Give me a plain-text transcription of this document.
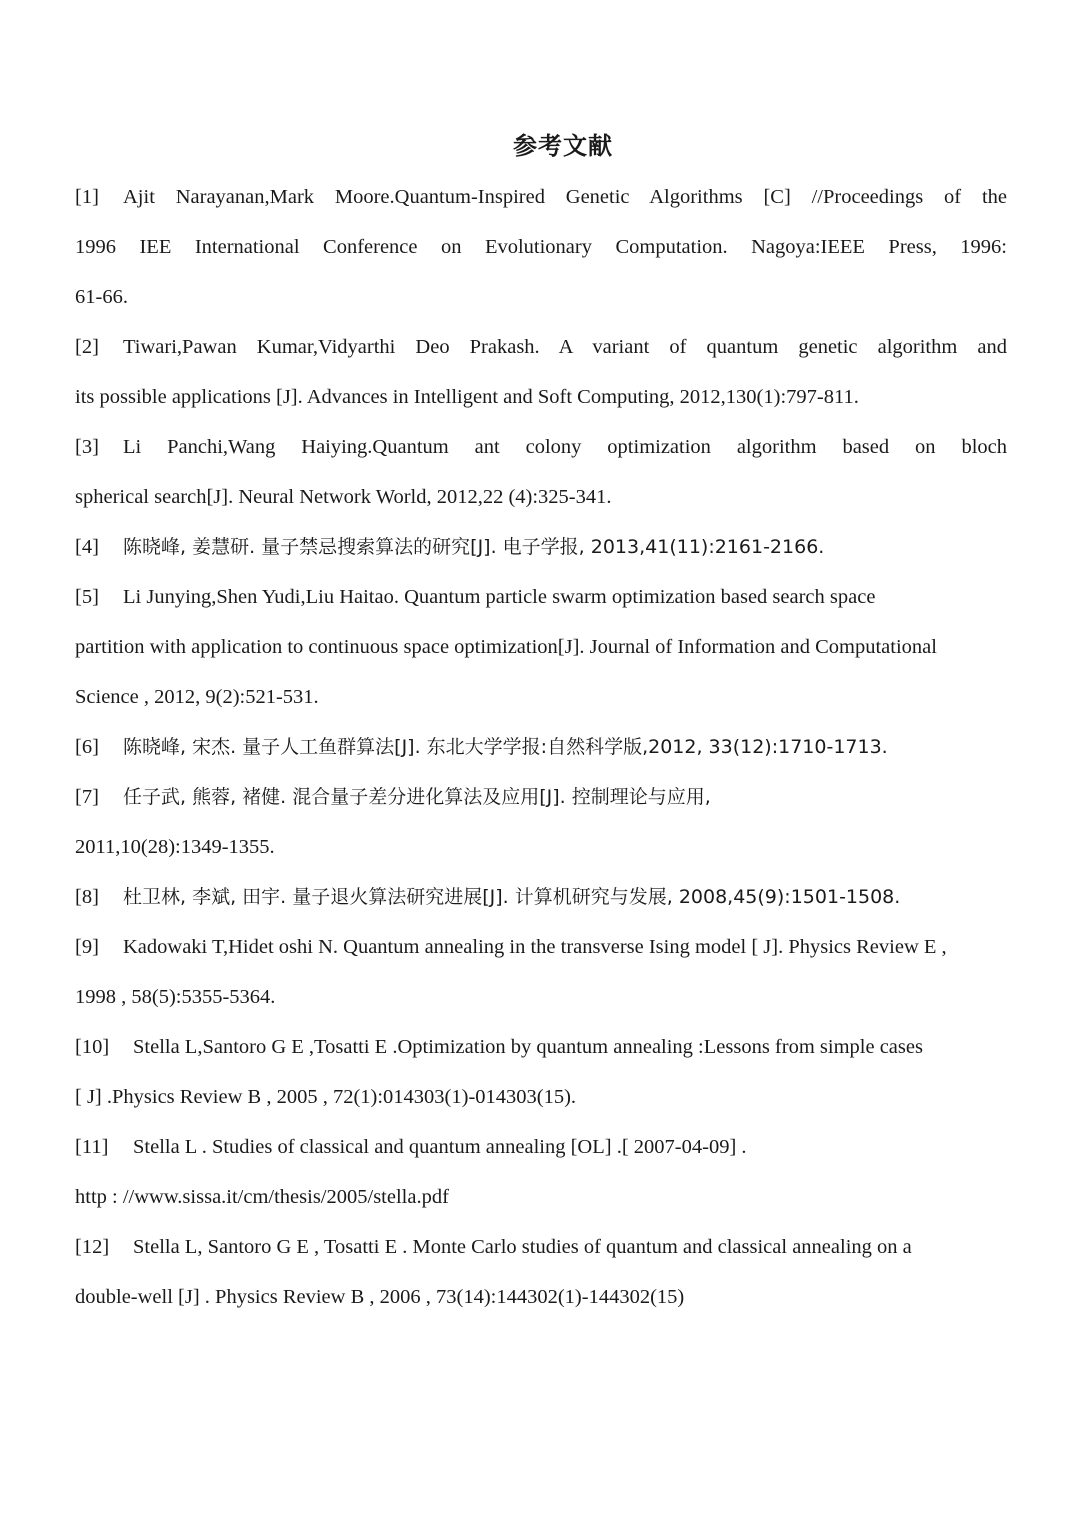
参考文献
[1] Ajit Narayanan,Mark Moore.Quantum-Inspired Genetic Algorithms [C] //Proceedings of the
1996 IEE International Conference on Evolutionary Computation. Nagoya:IEEE Press, 1996:
61-66.
[2] Tiwari,Pawan Kumar,Vidyarthi Deo Prakash. A variant of quantum genetic algorithm and
its possible applications [J]. Advances in Intelligent and Soft Computing, 2012,130(1):797-811.
[3] Li Panchi,Wang Haiying.Quantum ant colony optimization algorithm based on bloch
spherical search[J]. Neural Network World, 2012,22 (4):325-341.
[4] 陈晓峰, 姜慧研. 量子禁忌搜索算法的研究[J]. 电子学报, 2013,41(11):2161-2166.
[5] Li Junying,Shen Yudi,Liu Haitao. Quantum particle swarm optimization based search space
partition with application to continuous space optimization[J]. Journal of Information and Computational
Science , 2012, 9(2):521-531.
[6] 陈晓峰, 宋杰. 量子人工鱼群算法[J]. 东北大学学报:自然科学版,2012, 33(12):1710-1713.
[7] 任子武, 熊蓉, 褚健. 混合量子差分进化算法及应用[J]. 控制理论与应用,
2011,10(28):1349-1355.
[8] 杜卫林, 李斌, 田宇. 量子退火算法研究进展[J]. 计算机研究与发展, 2008,45(9):1501-1508.
[9] Kadowaki T,Hidet oshi N. Quantum annealing in the transverse Ising model [ J]. Physics Review E ,
1998 , 58(5):5355-5364.
[10] Stella L,Santoro G E ,Tosatti E .Optimization by quantum annealing :Lessons from simple cases
[ J] .Physics Review B , 2005 , 72(1):014303(1)-014303(15).
[11] Stella L . Studies of classical and quantum annealing [OL] .[ 2007-04-09] .
http : //www.sissa.it/cm/thesis/2005/stella.pdf
[12] Stella L, Santoro G E , Tosatti E . Monte Carlo studies of quantum and classical annealing on a
double-well [J] . Physics Review B , 2006 , 73(14):144302(1)-144302(15)
